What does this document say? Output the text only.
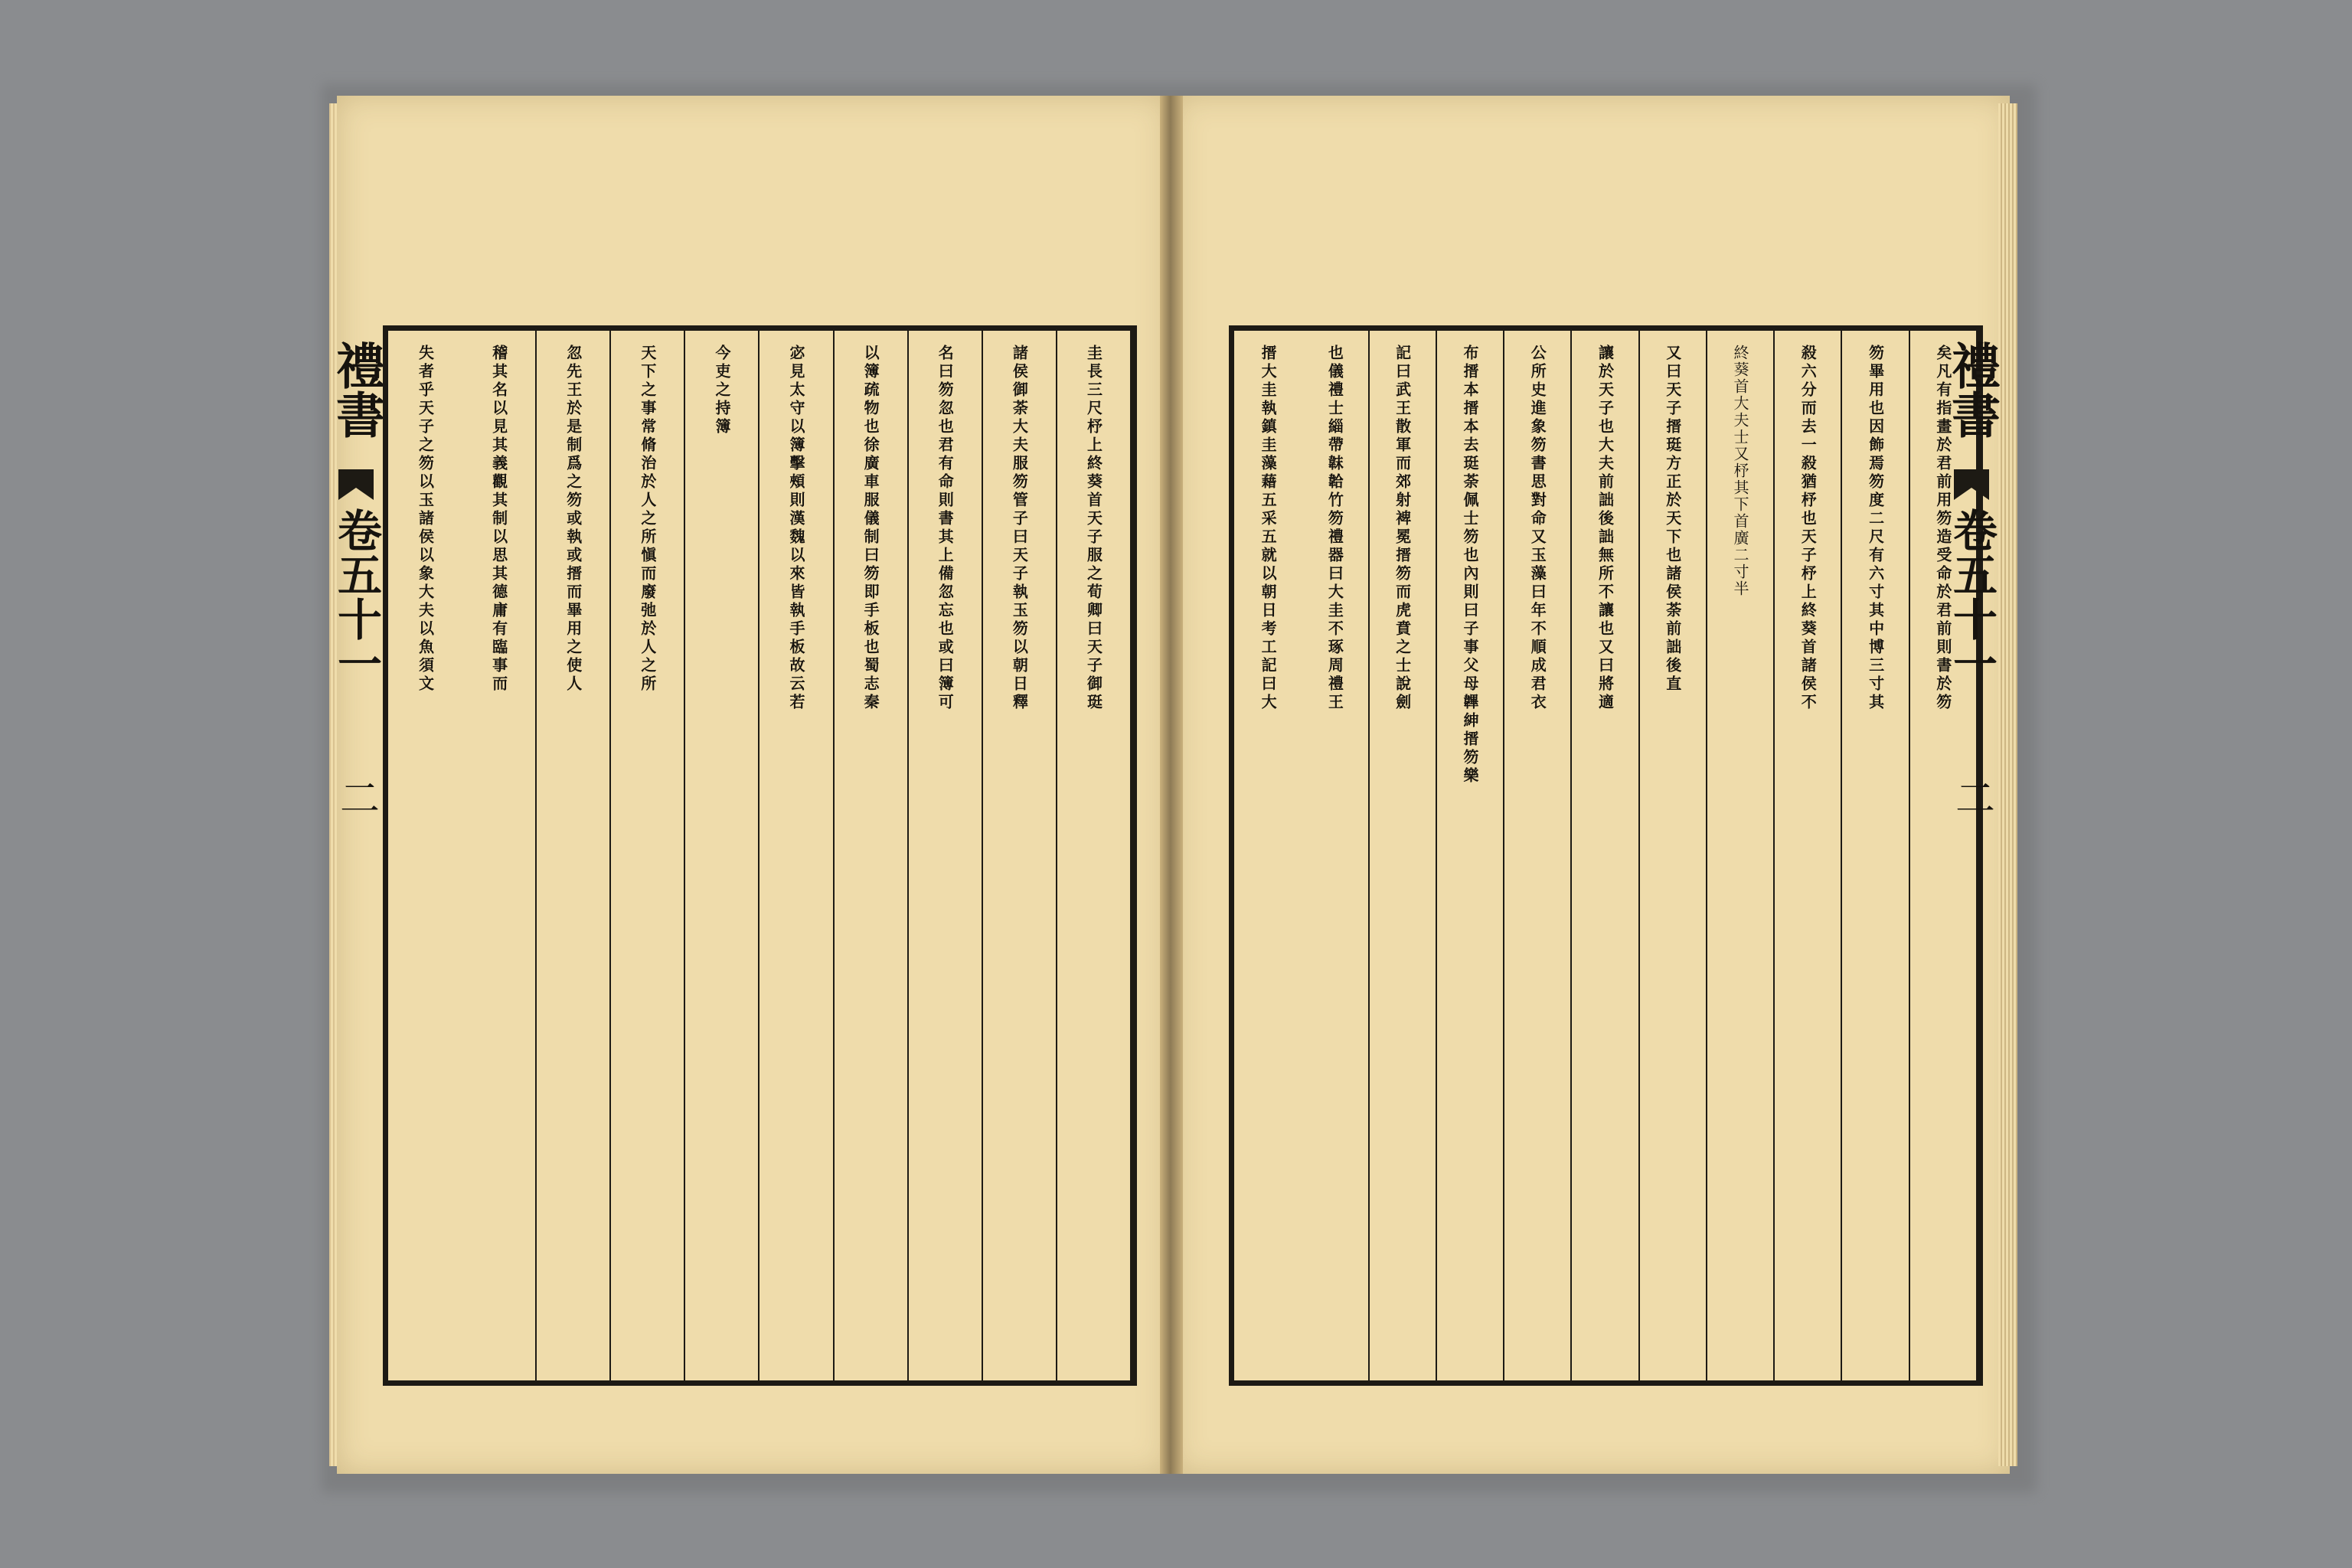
禮書
卷五十一
二
圭長三尺杼上終葵首天子服之荀卿曰天子御珽
諸侯御荼大夫服笏管子曰天子執玉笏以朝日釋
名曰笏忽也君有命則書其上備忽忘也或曰簿可
以簿疏物也徐廣車服儀制曰笏即手板也蜀志秦
宓見太守以簿擊頰則漢魏以來皆執手板故云若
今吏之持簿
天下之事常脩治於人之所愼而廢弛於人之所
忽先王於是制爲之笏或執或搢而畢用之使人
稽其名以見其義觀其制以思其德庸有臨事而
失者乎天子之笏以玉諸侯以象大夫以魚須文	矣凡有指畫於君前用笏造受命於君前則書於笏
笏畢用也因飾焉笏度二尺有六寸其中博三寸其
殺六分而去一殺猶杼也天子杼上終葵首諸侯不
終葵首大夫士又杼其下首廣二寸半
又曰天子搢珽方正於天下也諸侯荼前詘後直
讓於天子也大夫前詘後詘無所不讓也又曰將適
公所史進象笏書思對命又玉藻曰年不順成君衣
布搢本搢本去珽荼佩士笏也內則曰子事父母韠紳搢笏樂
記曰武王散軍而郊射裨冕搢笏而虎賁之士說劍
也儀禮士緇帶韎韐竹笏禮器曰大圭不琢周禮王
搢大圭執鎮圭藻藉五采五就以朝日考工記曰大	禮書
卷五十一
二
